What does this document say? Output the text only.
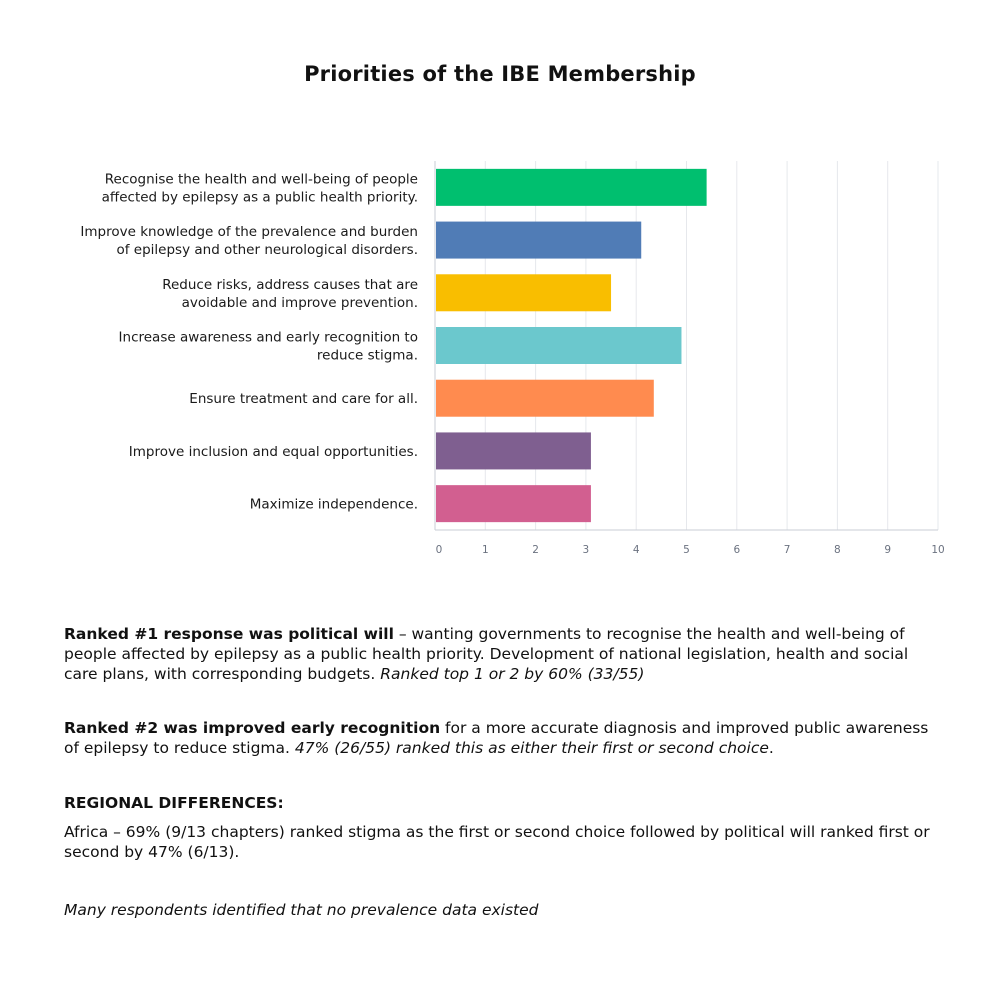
Priorities of the IBE Membership
Recognise the health and well-being of people
affected by epilepsy as a public health priority.
Improve knowledge of the prevalence and burden
of epilepsy and other neurological disorders.
Reduce risks, address causes that are
avoidable and improve prevention.
Increase awareness and early recognition to
reduce stigma.
Ensure treatment and care for all.
Improve inclusion and equal opportunities.
Maximize independence.
0	1	2	3	4	5	6	7	8	9	10
Ranked #1 response was political will – wanting governments to recognise the health and well-being of people affected by epilepsy as a public health priority. Development of national legislation, health and social care plans, with corresponding budgets. Ranked top 1 or 2 by 60% (33/55)
Ranked #2 was improved early recognition for a more accurate diagnosis and improved public awareness of epilepsy to reduce stigma. 47% (26/55) ranked this as either their first or second choice.
REGIONAL DIFFERENCES:
Africa – 69% (9/13 chapters) ranked stigma as the first or second choice followed by political will ranked first or second by 47% (6/13).
Many respondents identified that no prevalence data existed
